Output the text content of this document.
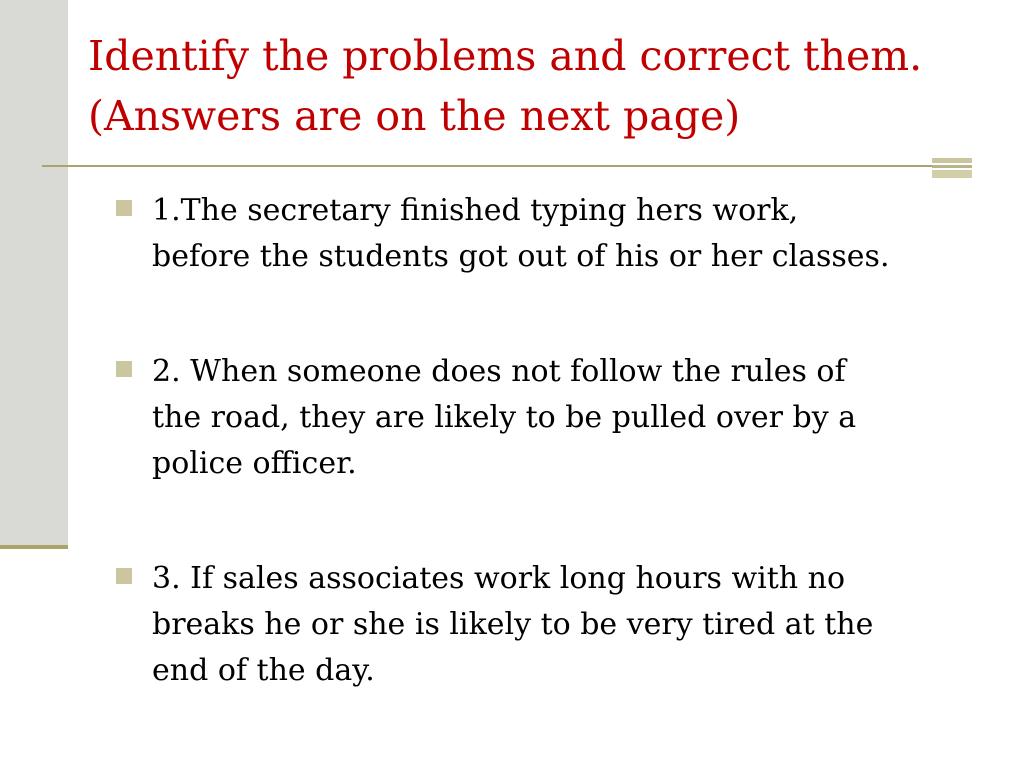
Identify the problems and correct them.
(Answers are on the next page)
1.The secretary finished typing hers work,
before the students got out of his or her classes.
2. When someone does not follow the rules of
the road, they are likely to be pulled over by a
police officer.
3. If sales associates work long hours with no
breaks he or she is likely to be very tired at the
end of the day.
